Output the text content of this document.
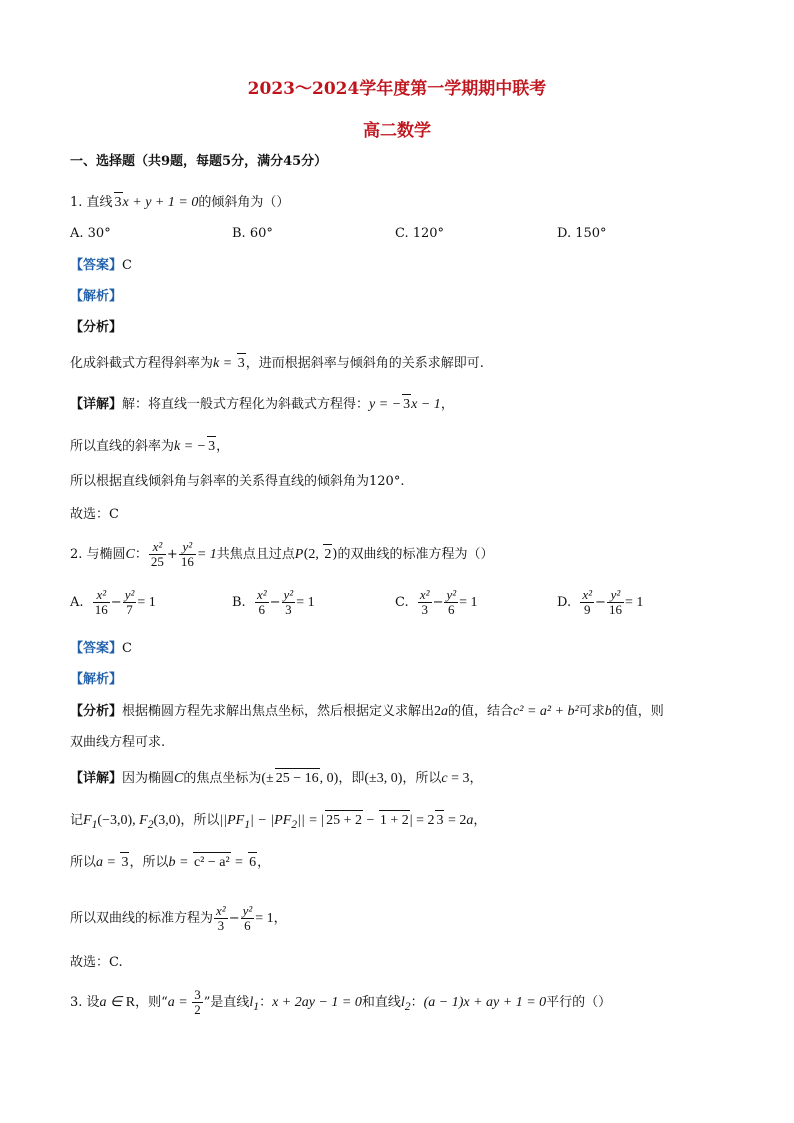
2023～2024学年度第一学期期中联考
高二数学
一、选择题（共9题，每题5分，满分45分）
1. 直线 3x + y + 1 = 0的倾斜角为（）
A. 30°	B. 60°	C. 120°	D. 150°
【答案】C
【解析】
【分析】
化成斜截式方程得斜率为k = 3，进而根据斜率与倾斜角的关系求解即可.
【详解】解：将直线一般式方程化为斜截式方程得：y = − 3x − 1，
所以直线的斜率为k = − 3，
所以根据直线倾斜角与斜率的关系得直线的倾斜角为120°.
故选：C
2. 与椭圆C： $\frac{\text{x²}}{25} + \frac{\text{y²}}{16} = 1$共焦点且过点P(2, 2)的双曲线的标准方程为（）
A. $\frac{\text{x²}}{16} - \frac{\text{y²}}{7} = 1$	B. $\frac{\text{x²}}{6} - \frac{\text{y²}}{3} = 1$	C. $\frac{\text{x²}}{3} - \frac{\text{y²}}{6} = 1$	D. $\frac{\text{x²}}{9} - \frac{\text{y²}}{16} = 1$
【答案】C
【解析】
【分析】根据椭圆方程先求解出焦点坐标，然后根据定义求解出2a的值，结合c² = a² + b²可求b的值，则
双曲线方程可求.
【详解】因为椭圆C的焦点坐标为(± 25 − 16, 0)，即(±3, 0)，所以c = 3，
记$F_1(-3,0)$, $F_2(3,0)$，所以$||PF_1| - |PF_2||$ = | 25 + 2 − 1 + 2| = 2 3 = 2a，
所以a = 3，所以b = c² − a² = 6，
所以双曲线的标准方程为 $\frac{\text{x²}}{3} - \frac{\text{y²}}{6} = 1$，
故选：C.
3. 设a ∈ R，则“$a = \frac{3}{2}$ ”是直线$l_1$：x + 2ay − 1 = 0和直线$l_2$：(a − 1)x + ay + 1 = 0平行的（）
